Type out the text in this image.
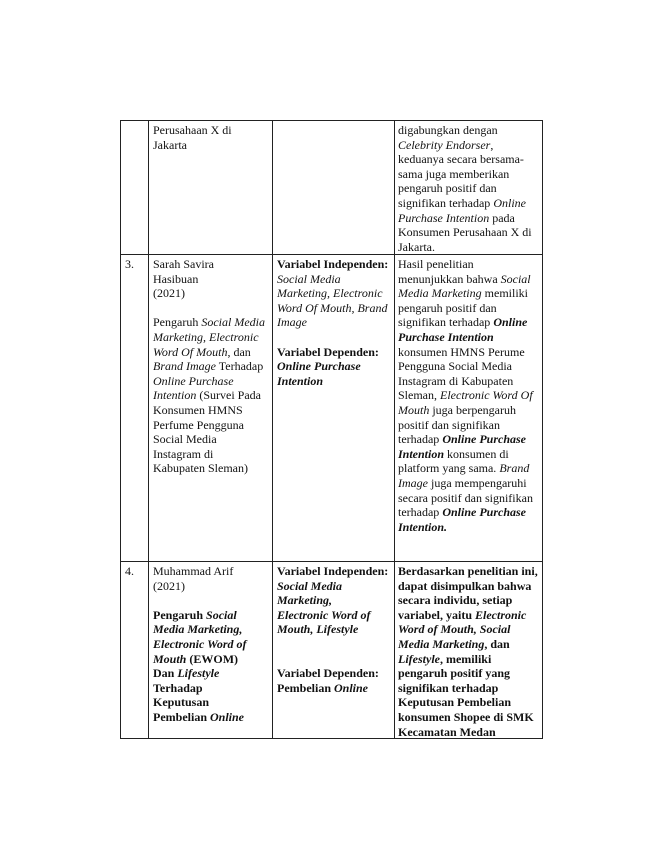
Perusahaan X di Jakarta

digabungkan dengan Celebrity Endorser, keduanya secara bersama-sama juga memberikan pengaruh positif dan signifikan terhadap Online Purchase Intention pada Konsumen Perusahaan X di Jakarta.

3.	Sarah Savira Hasibuan

(2021)

Pengaruh Social Media Marketing, Electronic Word Of Mouth, dan Brand Image Terhadap Online Purchase Intention (Survei Pada Konsumen HMNS Perfume Pengguna Social Media Instagram di Kabupaten Sleman)

Variabel Independen:

Social Media Marketing, Electronic Word Of Mouth, Brand Image

Variabel Dependen:

Online Purchase Intention

Hasil penelitian menunjukkan bahwa Social Media Marketing memiliki pengaruh positif dan signifikan terhadap Online Purchase Intention konsumen HMNS Perume Pengguna Social Media Instagram di Kabupaten Sleman, Electronic Word Of Mouth juga berpengaruh positif dan signifikan terhadap Online Purchase Intention konsumen di platform yang sama. Brand Image juga mempengaruhi secara positif dan signifikan terhadap Online Purchase Intention.

4.	Muhammad Arif

(2021)

Pengaruh Social Media Marketing, Electronic Word of Mouth (EWOM) Dan Lifestyle Terhadap Keputusan Pembelian Online

Variabel Independen:

Social Media Marketing, Electronic Word of Mouth, Lifestyle

Variabel Dependen:

Pembelian Online

Berdasarkan penelitian ini, dapat disimpulkan bahwa secara individu, setiap variabel, yaitu Electronic Word of Mouth, Social Media Marketing, dan Lifestyle, memiliki pengaruh positif yang signifikan terhadap Keputusan Pembelian konsumen Shopee di SMK Kecamatan Medan
